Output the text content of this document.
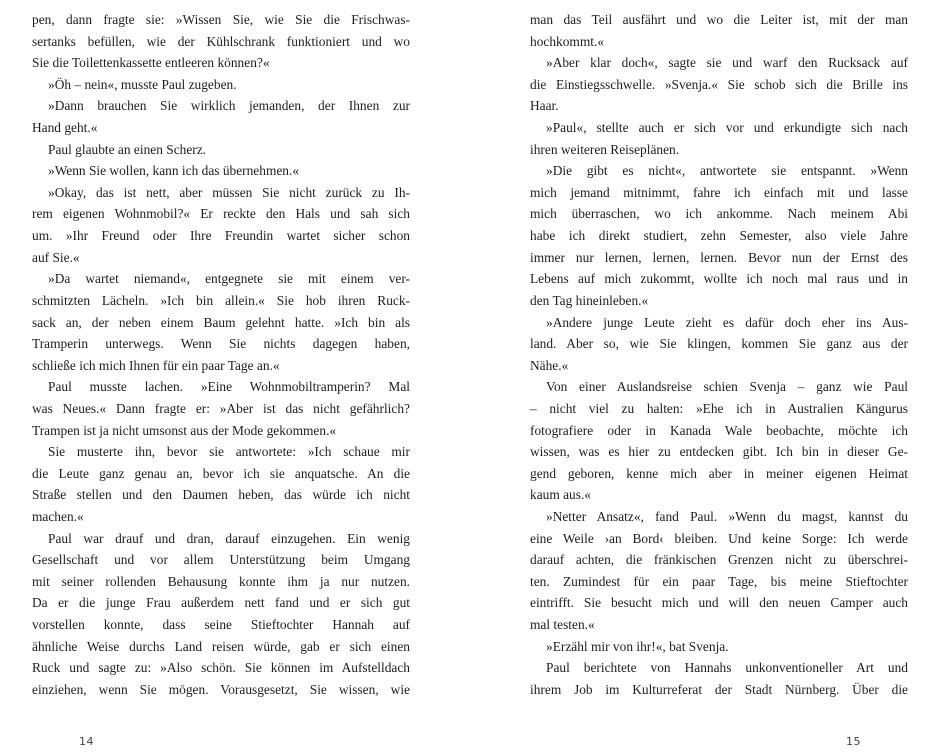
pen, dann fragte sie: »Wissen Sie, wie Sie die Frischwas-
sertanks befüllen, wie der Kühlschrank funktioniert und wo
Sie die Toilettenkassette entleeren können?«
»Öh – nein«, musste Paul zugeben.
»Dann brauchen Sie wirklich jemanden, der Ihnen zur
Hand geht.«
Paul glaubte an einen Scherz.
»Wenn Sie wollen, kann ich das übernehmen.«
»Okay, das ist nett, aber müssen Sie nicht zurück zu Ih-
rem eigenen Wohnmobil?« Er reckte den Hals und sah sich
um. »Ihr Freund oder Ihre Freundin wartet sicher schon
auf Sie.«
»Da wartet niemand«, entgegnete sie mit einem ver-
schmitzten Lächeln. »Ich bin allein.« Sie hob ihren Ruck-
sack an, der neben einem Baum gelehnt hatte. »Ich bin als
Tramperin unterwegs. Wenn Sie nichts dagegen haben,
schließe ich mich Ihnen für ein paar Tage an.«
Paul musste lachen. »Eine Wohnmobiltramperin? Mal
was Neues.« Dann fragte er: »Aber ist das nicht gefährlich?
Trampen ist ja nicht umsonst aus der Mode gekommen.«
Sie musterte ihn, bevor sie antwortete: »Ich schaue mir
die Leute ganz genau an, bevor ich sie anquatsche. An die
Straße stellen und den Daumen heben, das würde ich nicht
machen.«
Paul war drauf und dran, darauf einzugehen. Ein wenig
Gesellschaft und vor allem Unterstützung beim Umgang
mit seiner rollenden Behausung konnte ihm ja nur nutzen.
Da er die junge Frau außerdem nett fand und er sich gut
vorstellen konnte, dass seine Stieftochter Hannah auf
ähnliche Weise durchs Land reisen würde, gab er sich einen
Ruck und sagte zu: »Also schön. Sie können im Aufstelldach
einziehen, wenn Sie mögen. Vorausgesetzt, Sie wissen, wie
man das Teil ausfährt und wo die Leiter ist, mit der man
hochkommt.«
»Aber klar doch«, sagte sie und warf den Rucksack auf
die Einstiegsschwelle. »Svenja.« Sie schob sich die Brille ins
Haar.
»Paul«, stellte auch er sich vor und erkundigte sich nach
ihren weiteren Reiseplänen.
»Die gibt es nicht«, antwortete sie entspannt. »Wenn
mich jemand mitnimmt, fahre ich einfach mit und lasse
mich überraschen, wo ich ankomme. Nach meinem Abi
habe ich direkt studiert, zehn Semester, also viele Jahre
immer nur lernen, lernen, lernen. Bevor nun der Ernst des
Lebens auf mich zukommt, wollte ich noch mal raus und in
den Tag hineinleben.«
»Andere junge Leute zieht es dafür doch eher ins Aus-
land. Aber so, wie Sie klingen, kommen Sie ganz aus der
Nähe.«
Von einer Auslandsreise schien Svenja – ganz wie Paul
– nicht viel zu halten: »Ehe ich in Australien Kängurus
fotografiere oder in Kanada Wale beobachte, möchte ich
wissen, was es hier zu entdecken gibt. Ich bin in dieser Ge-
gend geboren, kenne mich aber in meiner eigenen Heimat
kaum aus.«
»Netter Ansatz«, fand Paul. »Wenn du magst, kannst du
eine Weile ›an Bord‹ bleiben. Und keine Sorge: Ich werde
darauf achten, die fränkischen Grenzen nicht zu überschrei-
ten. Zumindest für ein paar Tage, bis meine Stieftochter
eintrifft. Sie besucht mich und will den neuen Camper auch
mal testen.«
»Erzähl mir von ihr!«, bat Svenja.
Paul berichtete von Hannahs unkonventioneller Art und
ihrem Job im Kulturreferat der Stadt Nürnberg. Über die
14	15
